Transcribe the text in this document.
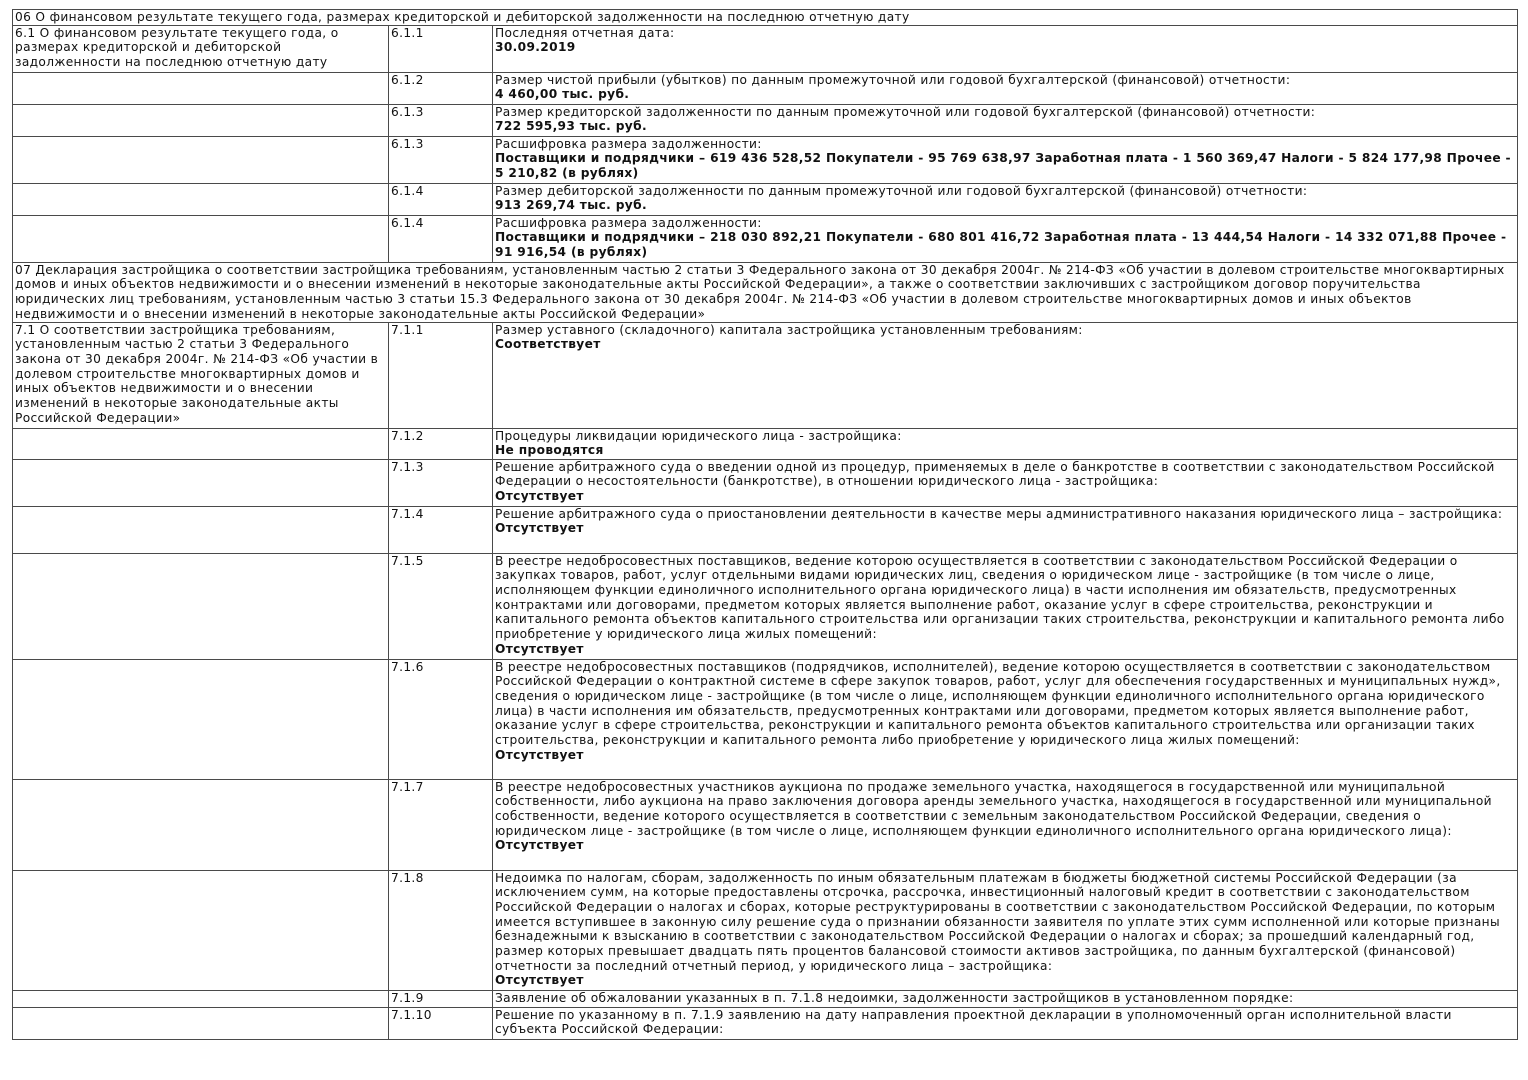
06 О финансовом результате текущего года, размерах кредиторской и дебиторской задолженности на последнюю отчетную дату		
6.1 О финансовом результате текущего года, о размерах кредиторской и дебиторской задолженности на последнюю отчетную дату	6.1.1	Последняя отчетная дата:
30.09.2019

	6.1.2	Размер чистой прибыли (убытков) по данным промежуточной или годовой бухгалтерской (финансовой) отчетности:
4 460,00 тыс. руб.

	6.1.3	Размер кредиторской задолженности по данным промежуточной или годовой бухгалтерской (финансовой) отчетности:
722 595,93 тыс. руб.

	6.1.3	Расшифровка размера задолженности:
Поставщики и подрядчики – 619 436 528,52 Покупатели - 95 769 638,97 Заработная плата - 1 560 369,47 Налоги - 5 824 177,98 Прочее - 5 210,82 (в рублях)

	6.1.4	Размер дебиторской задолженности по данным промежуточной или годовой бухгалтерской (финансовой) отчетности:
913 269,74 тыс. руб.

	6.1.4	Расшифровка размера задолженности:
Поставщики и подрядчики – 218 030 892,21 Покупатели - 680 801 416,72 Заработная плата - 13 444,54 Налоги - 14 332 071,88 Прочее - 91 916,54 (в рублях)

07 Декларация застройщика о соответствии застройщика требованиям, установленным частью 2 статьи 3 Федерального закона от 30 декабря 2004г. № 214-ФЗ «Об участии в долевом строительстве многоквартирных домов и иных объектов недвижимости и о внесении изменений в некоторые законодательные акты Российской Федерации», а также о соответствии заключивших с застройщиком договор поручительства юридических лиц требованиям, установленным частью 3 статьи 15.3 Федерального закона от 30 декабря 2004г. № 214-ФЗ «Об участии в долевом строительстве многоквартирных домов и иных объектов недвижимости и о внесении изменений в некоторые законодательные акты Российской Федерации»		
7.1 О соответствии застройщика требованиям, установленным частью 2 статьи 3 Федерального закона от 30 декабря 2004г. № 214-ФЗ «Об участии в долевом строительстве многоквартирных домов и иных объектов недвижимости и о внесении изменений в некоторые законодательные акты Российской Федерации»	7.1.1	Размер уставного (складочного) капитала застройщика установленным требованиям:
Соответствует

	7.1.2	Процедуры ликвидации юридического лица - застройщика:
Не проводятся

	7.1.3	Решение арбитражного суда о введении одной из процедур, применяемых в деле о банкротстве в соответствии с законодательством Российской Федерации о несостоятельности (банкротстве), в отношении юридического лица - застройщика:
Отсутствует

	7.1.4	Решение арбитражного суда о приостановлении деятельности в качестве меры административного наказания юридического лица – застройщика:
Отсутствует

	7.1.5	В реестре недобросовестных поставщиков, ведение которою осуществляется в соответствии с законодательством Российской Федерации о закупках товаров, работ, услуг отдельными видами юридических лиц, сведения о юридическом лице - застройщике (в том числе о лице, исполняющем функции единоличного исполнительного органа юридического лица) в части исполнения им обязательств, предусмотренных контрактами или договорами, предметом которых является выполнение работ, оказание услуг в сфере строительства, реконструкции и капитального ремонта объектов капитального строительства или организации таких строительства, реконструкции и капитального ремонта либо приобретение у юридического лица жилых помещений:
Отсутствует

	7.1.6	В реестре недобросовестных поставщиков (подрядчиков, исполнителей), ведение которою осуществляется в соответствии с законодательством Российской Федерации о контрактной системе в сфере закупок товаров, работ, услуг для обеспечения государственных и муниципальных нужд», сведения о юридическом лице - застройщике (в том числе о лице, исполняющем функции единоличного исполнительного органа юридического лица) в части исполнения им обязательств, предусмотренных контрактами или договорами, предметом которых является выполнение работ, оказание услуг в сфере строительства, реконструкции и капитального ремонта объектов капитального строительства или организации таких строительства, реконструкции и капитального ремонта либо приобретение у юридического лица жилых помещений:
Отсутствует

	7.1.7	В реестре недобросовестных участников аукциона по продаже земельного участка, находящегося в государственной или муниципальной собственности, либо аукциона на право заключения договора аренды земельного участка, находящегося в государственной или муниципальной собственности, ведение которого осуществляется в соответствии с земельным законодательством Российской Федерации, сведения о юридическом лице - застройщике (в том числе о лице, исполняющем функции единоличного исполнительного органа юридического лица):
Отсутствует

	7.1.8	Недоимка по налогам, сборам, задолженность по иным обязательным платежам в бюджеты бюджетной системы Российской Федерации (за исключением сумм, на которые предоставлены отсрочка, рассрочка, инвестиционный налоговый кредит в соответствии с законодательством Российской Федерации о налогах и сборах, которые реструктурированы в соответствии с законодательством Российской Федерации, по которым имеется вступившее в законную силу решение суда о признании обязанности заявителя по уплате этих сумм исполненной или которые признаны безнадежными к взысканию в соответствии с законодательством Российской Федерации о налогах и сборах; за прошедший календарный год, размер которых превышает двадцать пять процентов балансовой стоимости активов застройщика, по данным бухгалтерской (финансовой) отчетности за последний отчетный период, у юридического лица – застройщика:
Отсутствует

	7.1.9	Заявление об обжаловании указанных в п. 7.1.8 недоимки, задолженности застройщиков в установленном порядке:

	7.1.10	Решение по указанному в п. 7.1.9 заявлению на дату направления проектной декларации в уполномоченный орган исполнительной власти субъекта Российской Федерации:
